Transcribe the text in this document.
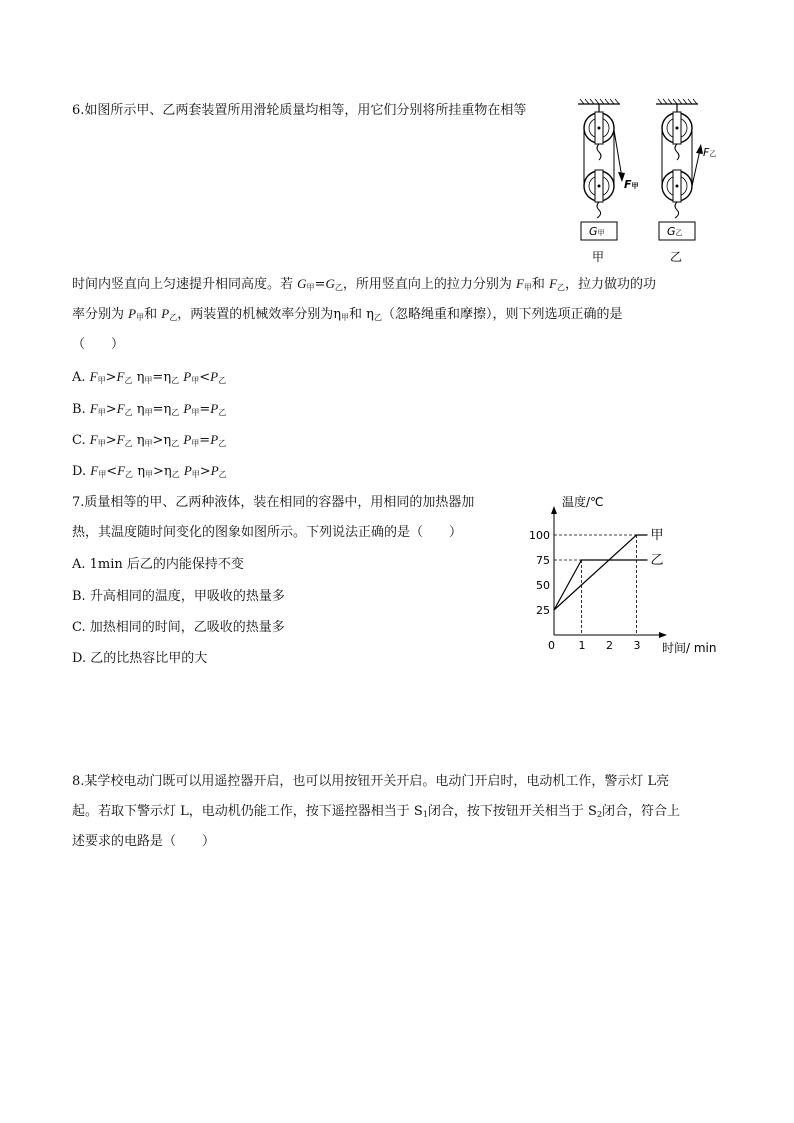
6.如图所示甲、乙两套装置所用滑轮质量均相等，用它们分别将所挂重物在相等
F甲
G甲
甲
F乙
G乙
乙
时间内竖直向上匀速提升相同高度。若 $G_甲=G_乙$，所用竖直向上的拉力分别为 $F_甲$和 $F_乙$，拉力做功的功
率分别为 $P_甲$和 $P_乙$，两装置的机械效率分别为$\eta_甲$和 $\eta_乙$（忽略绳重和摩擦），则下列选项正确的是
（　　）
A. $F_甲>F_乙$ $\eta_甲=\eta_乙$ $P_甲<P_乙$
B. $F_甲>F_乙$ $\eta_甲=\eta_乙$ $P_甲=P_乙$
C. $F_甲>F_乙$ $\eta_甲>\eta_乙$ $P_甲=P_乙$
D. $F_甲<F_乙$ $\eta_甲>\eta_乙$ $P_甲>P_乙$
7.质量相等的甲、乙两种液体，装在相同的容器中，用相同的加热器加
热，其温度随时间变化的图象如图所示。下列说法正确的是（　　）
A. 1min 后乙的内能保持不变
B. 升高相同的温度，甲吸收的热量多
C. 加热相同的时间，乙吸收的热量多
D. 乙的比热容比甲的大
温度/℃
时间/ min
0 1 2 3
25
50
75
100	甲
乙
8.某学校电动门既可以用遥控器开启，也可以用按钮开关开启。电动门开启时，电动机工作，警示灯 L亮
起。若取下警示灯 L，电动机仍能工作，按下遥控器相当于 $S_1$闭合，按下按钮开关相当于 $S_2$闭合，符合上
述要求的电路是（　　）
